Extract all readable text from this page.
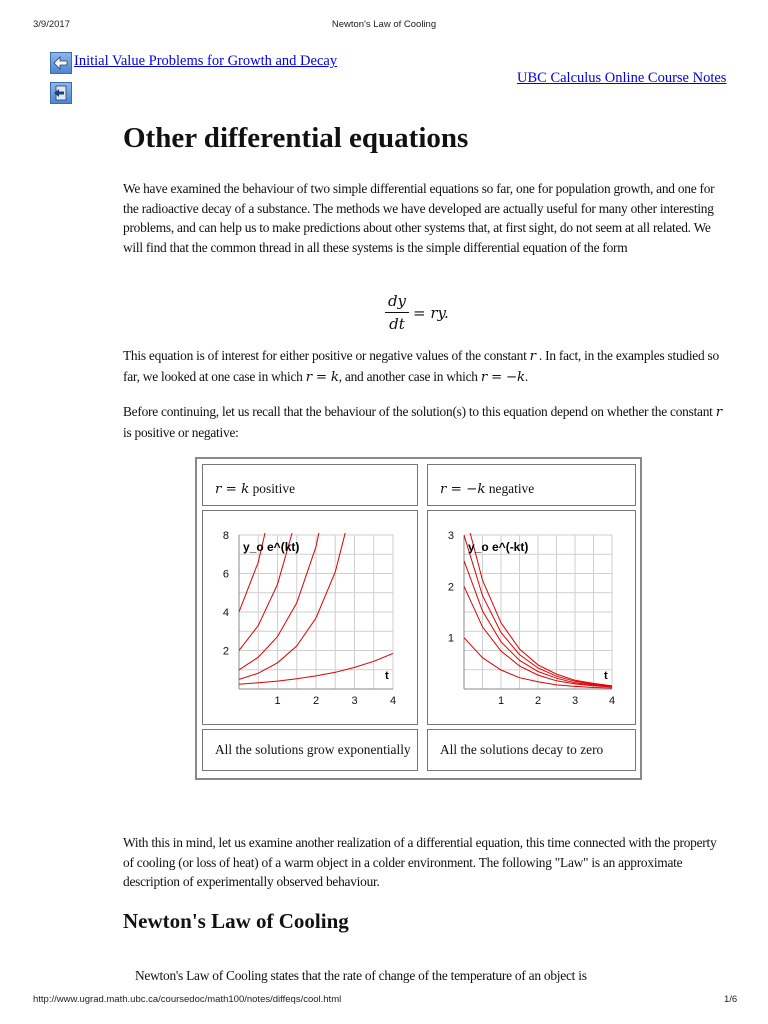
3/9/2017	Newton's Law of Cooling
Initial Value Problems for Growth and Decay
UBC Calculus Online Course Notes
Other differential equations

We have examined the behaviour of two simple differential equations so far, one for population growth, and one for the radioactive decay of a substance. The methods we have developed are actually useful for many other interesting problems, and can help us to make predictions about other systems that, at first sight, do not seem at all related. We will find that the common thread in all these systems is the simple differential equation of the form

dy
dt
= ry.

This equation is of interest for either positive or negative values of the constant r . In fact, in the examples studied so far, we looked at one case in which r = k, and another case in which r = −k.

Before continuing, let us recall that the behaviour of the solution(s) to this equation depend on whether the constant r is positive or negative:

r = k positive	r = −k negative
1	2	3	4
2
4
6
8
y_o e^(kt)
t
1	2	3	4
1
2
3
y_o e^(-kt)
t
All the solutions grow exponentially All the solutions decay to zero

With this in mind, let us examine another realization of a differential equation, this time connected with the property of cooling (or loss of heat) of a warm object in a colder environment. The following "Law" is an approximate description of experimentally observed behaviour.

Newton's Law of Cooling

Newton's Law of Cooling states that the rate of change of the temperature of an object is

http://www.ugrad.math.ubc.ca/coursedoc/math100/notes/diffeqs/cool.html	1/6
